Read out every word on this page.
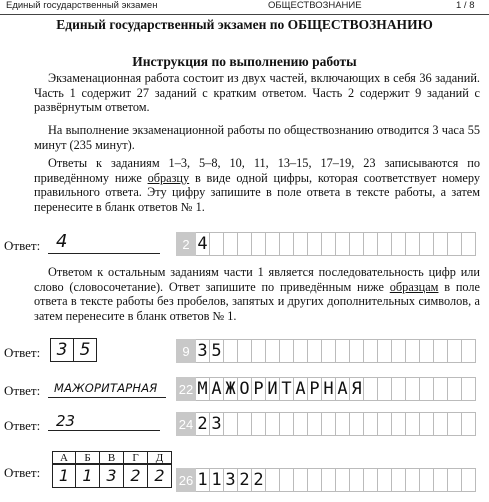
Единый государственный экзамен	ОБЩЕСТВОЗНАНИЕ	1 / 8
Единый государственный экзамен по ОБЩЕСТВОЗНАНИЮ
Инструкция по выполнению работы

Экзаменационная работа состоит из двух частей, включающих в себя 36 заданий. Часть 1 содержит 27 заданий с кратким ответом. Часть 2 содержит 9 заданий с развёрнутым ответом.

На выполнение экзаменационной работы по обществознанию отводится 3 часа 55 минут (235 минут).

Ответы к заданиям 1–3, 5–8, 10, 11, 13–15, 17–19, 23 записываются по приведённому ниже образцу в виде одной цифры, которая соответствует номеру правильного ответа. Эту цифру запишите в поле ответа в тексте работы, а затем перенесите в бланк ответов № 1.

Ответ: 4	2 4

Ответом к остальным заданиям части 1 является последовательность цифр или слово (словосочетание). Ответ запишите по приведённым ниже образцам в поле ответа в тексте работы без пробелов, запятых и других дополнительных символов, а затем перенесите в бланк ответов № 1.

Ответ: 3 5	9 3 5
Ответ: МАЖОРИТАРНАЯ 22 М А Ж О Р И Т А Р Н А Я
Ответ: 23	24 2 3
Ответ:
А	Б	В	Г	Д
1 1 3 2 2	26 1 1 3 2 2
